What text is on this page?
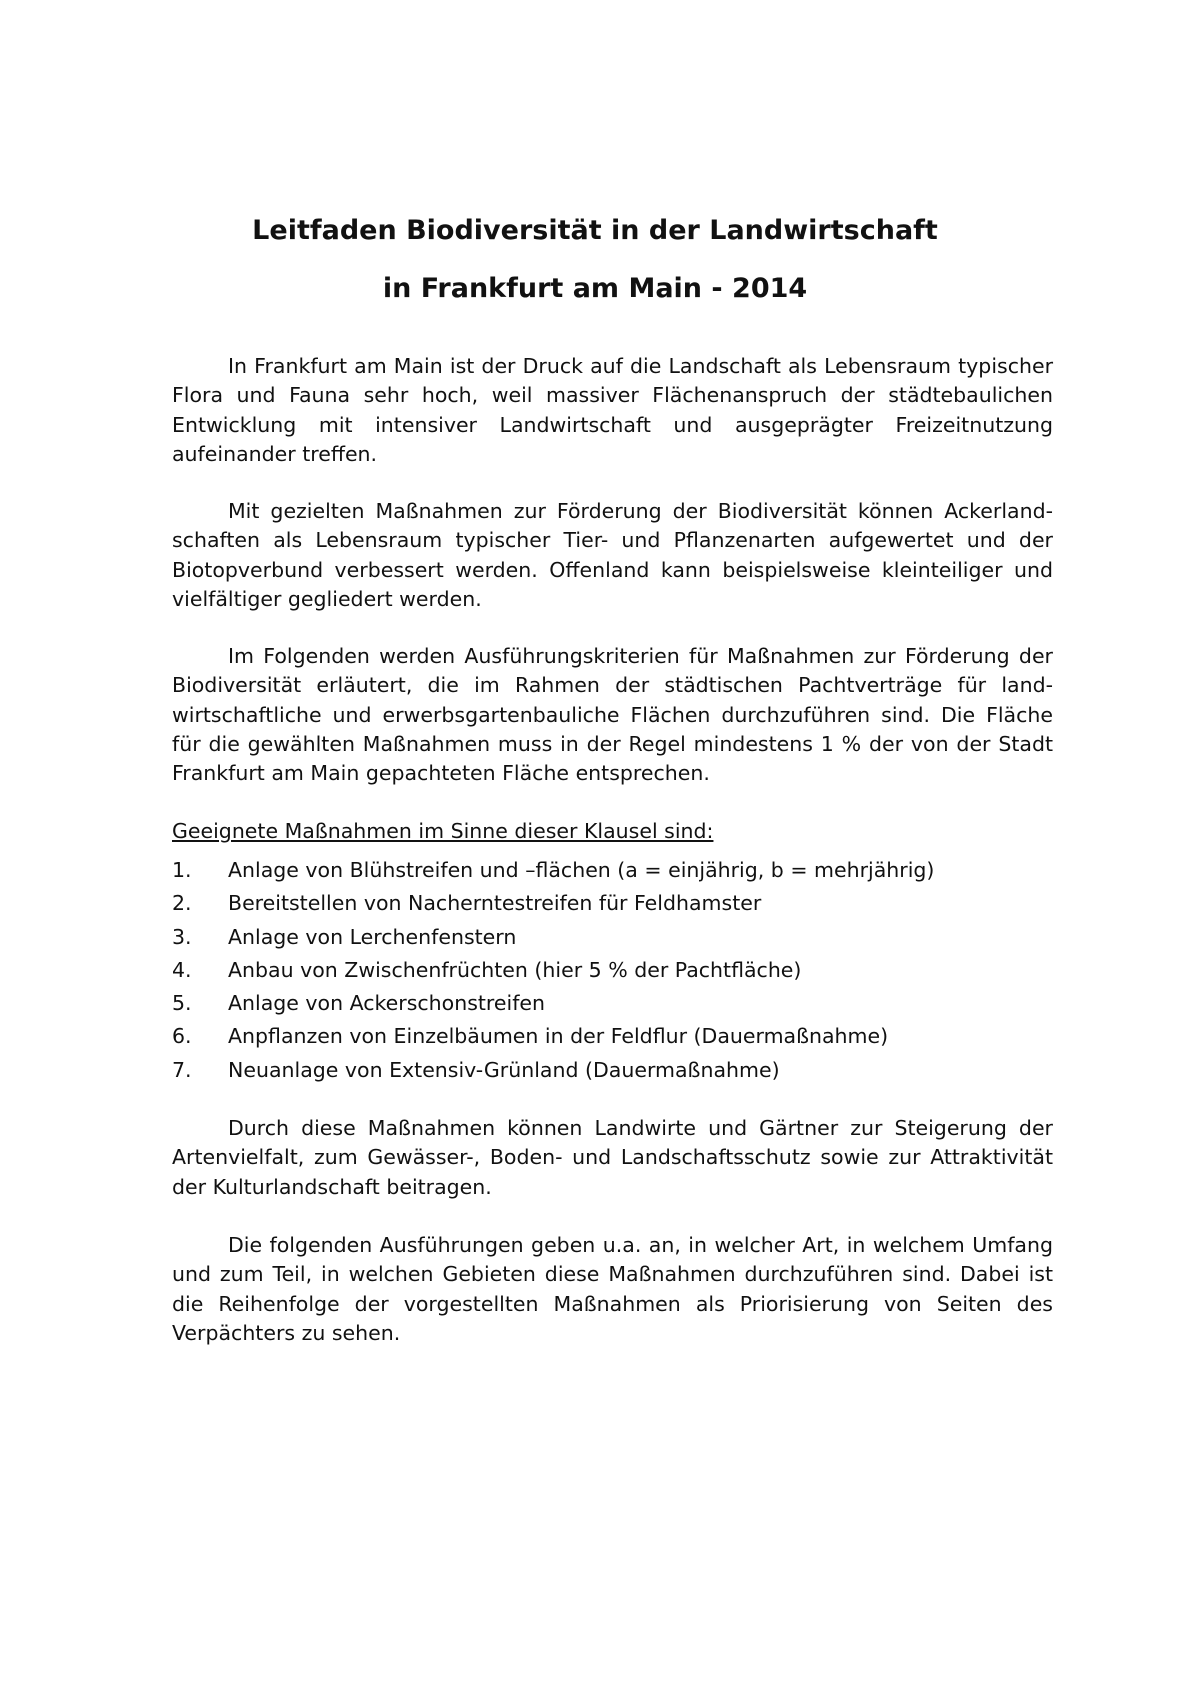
Leitfaden Biodiversität in der Landwirtschaft
in Frankfurt am Main - 2014

In Frankfurt am Main ist der Druck auf die Landschaft als Lebensraum typischer Flora und Fauna sehr hoch, weil massiver Flächenanspruch der städtebaulichen Entwicklung mit intensiver Landwirtschaft und ausgeprägter Freizeitnutzung aufeinander treffen.

Mit gezielten Maßnahmen zur Förderung der Biodiversität können Ackerlandschaften als Lebensraum typischer Tier- und Pflanzenarten aufgewertet und der Biotopverbund verbessert werden. Offenland kann beispielsweise kleinteiliger und vielfältiger gegliedert werden.

Im Folgenden werden Ausführungskriterien für Maßnahmen zur Förderung der Biodiversität erläutert, die im Rahmen der städtischen Pachtverträge für landwirtschaftliche und erwerbsgartenbauliche Flächen durchzuführen sind. Die Fläche für die gewählten Maßnahmen muss in der Regel mindestens 1 % der von der Stadt Frankfurt am Main gepachteten Fläche entsprechen.

Geeignete Maßnahmen im Sinne dieser Klausel sind:

1. Anlage von Blühstreifen und –flächen (a = einjährig, b = mehrjährig)
2. Bereitstellen von Nacherntestreifen für Feldhamster
3. Anlage von Lerchenfenstern
4. Anbau von Zwischenfrüchten (hier 5 % der Pachtfläche)
5. Anlage von Ackerschonstreifen
6. Anpflanzen von Einzelbäumen in der Feldflur (Dauermaßnahme)
7. Neuanlage von Extensiv-Grünland (Dauermaßnahme)

Durch diese Maßnahmen können Landwirte und Gärtner zur Steigerung der Artenvielfalt, zum Gewässer-, Boden- und Landschaftsschutz sowie zur Attraktivität der Kulturlandschaft beitragen.

Die folgenden Ausführungen geben u.a. an, in welcher Art, in welchem Umfang und zum Teil, in welchen Gebieten diese Maßnahmen durchzuführen sind. Dabei ist die Reihenfolge der vorgestellten Maßnahmen als Priorisierung von Seiten des Verpächters zu sehen.
